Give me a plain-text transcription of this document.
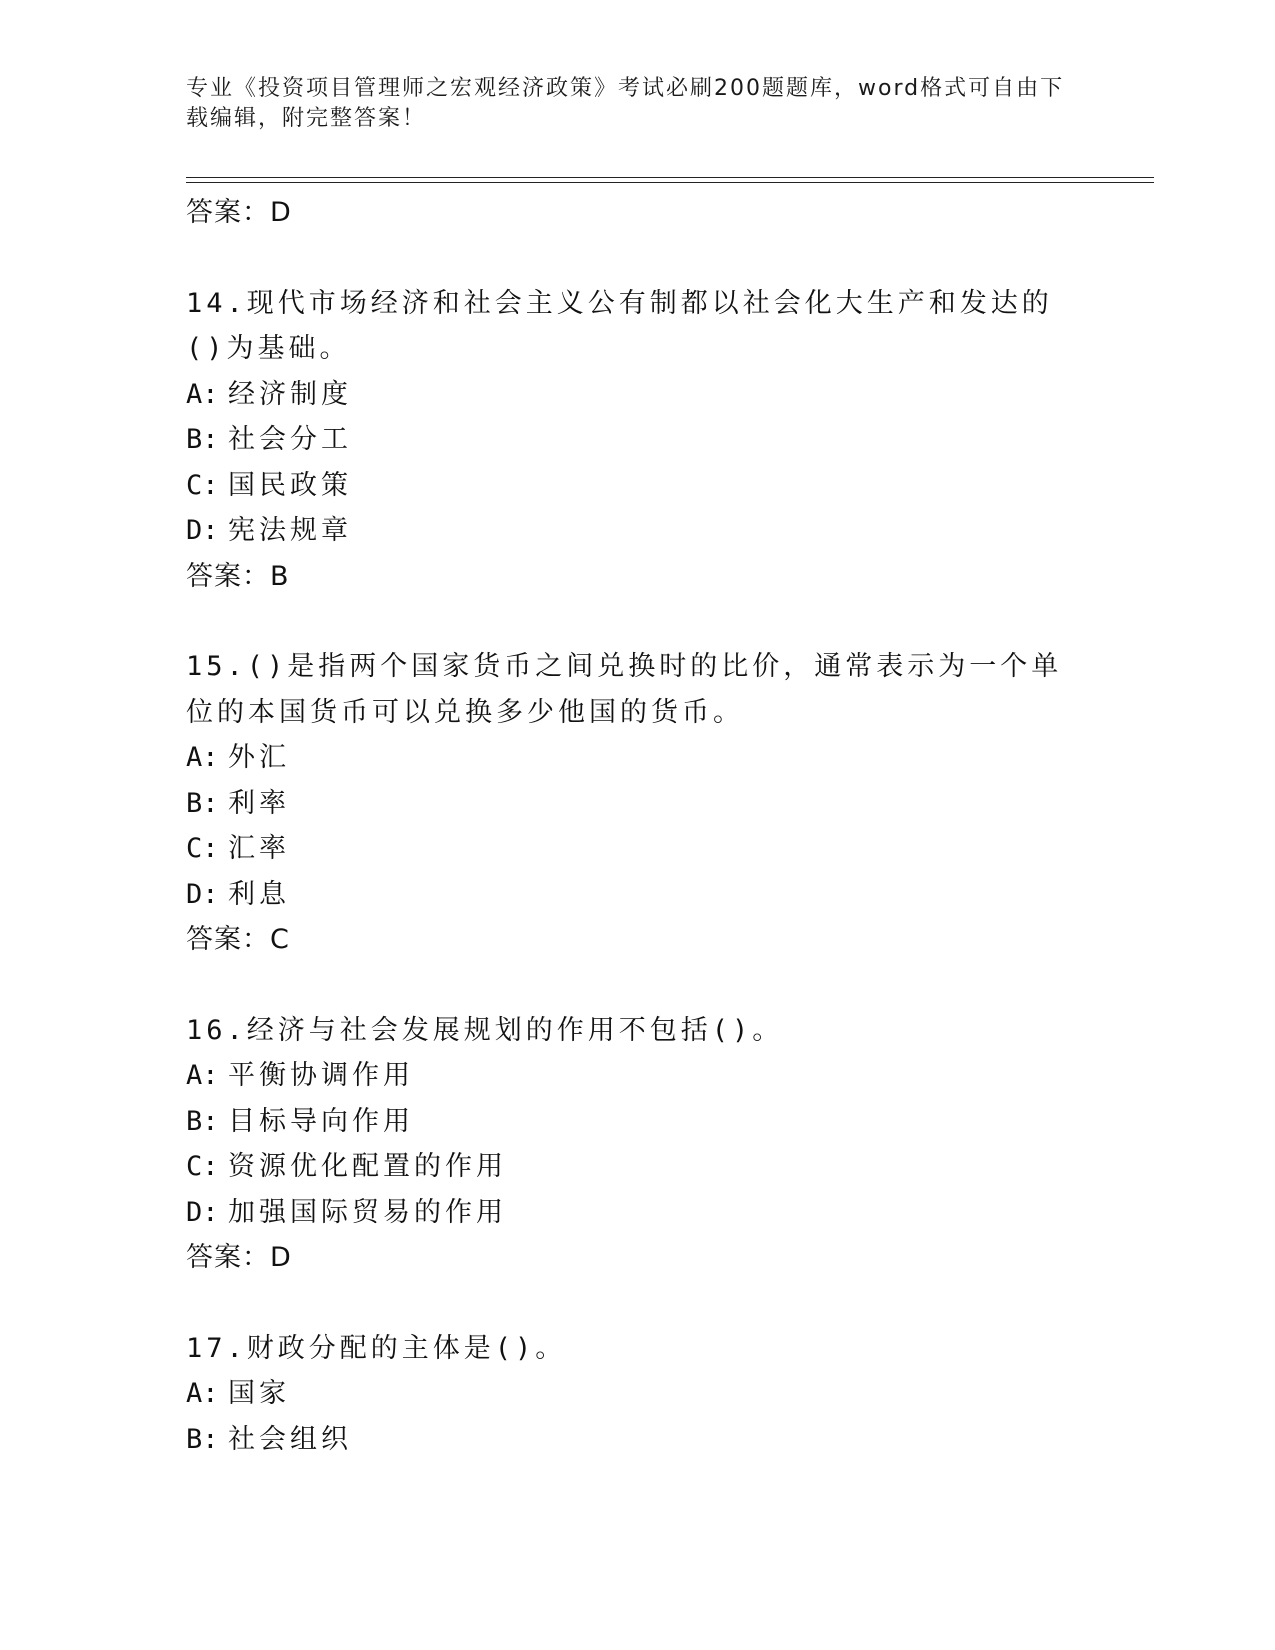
专业《投资项目管理师之宏观经济政策》考试必刷200题题库，word格式可自由下载编辑，附完整答案！
答案：D
14.现代市场经济和社会主义公有制都以社会化大生产和发达的()为基础。
A: 经济制度
B: 社会分工
C: 国民政策
D: 宪法规章
答案：B
15.()是指两个国家货币之间兑换时的比价，通常表示为一个单位的本国货币可以兑换多少他国的货币。
A: 外汇
B: 利率
C: 汇率
D: 利息
答案：C
16.经济与社会发展规划的作用不包括()。
A: 平衡协调作用
B: 目标导向作用
C: 资源优化配置的作用
D: 加强国际贸易的作用
答案：D
17.财政分配的主体是()。
A: 国家
B: 社会组织
